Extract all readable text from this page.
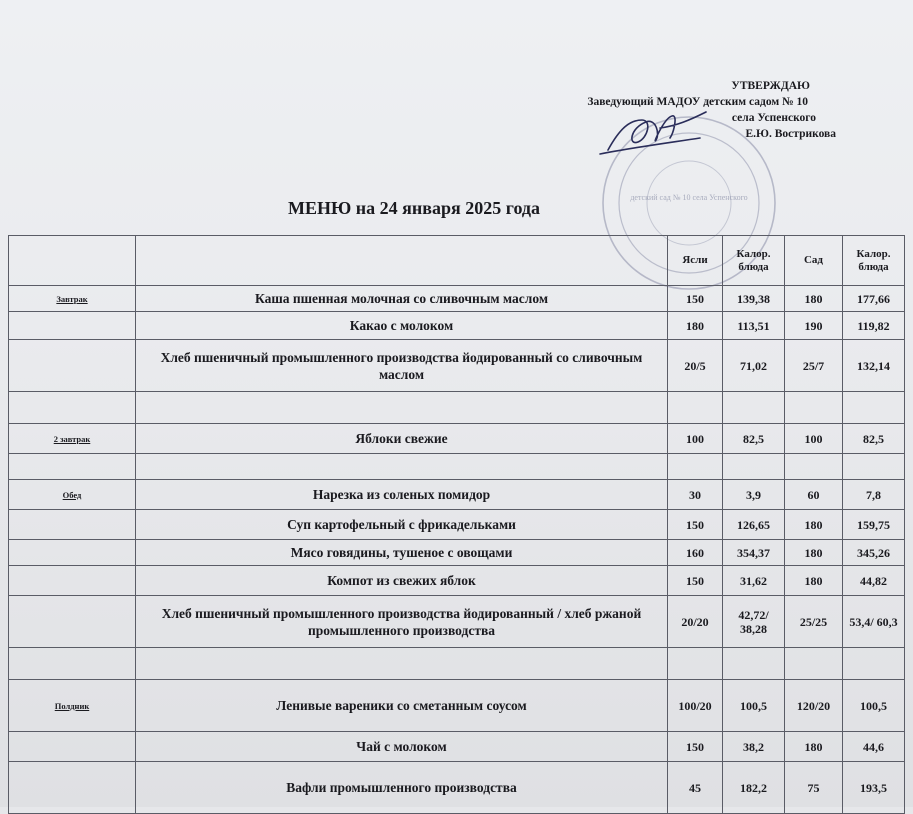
УТВЕРЖДАЮ
Заведующий МАДОУ детским садом № 10
села Успенского
Е.Ю. Вострикова
детский сад № 10 села Успенского
МЕНЮ на 24 января 2025 года
		Ясли	Калор. блюда	Сад	Калор. блюда
Завтрак	Каша пшенная молочная со сливочным маслом	150	139,38	180	177,66
	Какао с молоком	180	113,51	190	119,82
	Хлеб пшеничный промышленного производства йодированный со сливочным маслом	20/5	71,02	25/7	132,14

2 завтрак	Яблоки свежие	100	82,5	100	82,5

Обед	Нарезка из соленых помидор	30	3,9	60	7,8
	Суп картофельный с фрикадельками	150	126,65	180	159,75
	Мясо говядины, тушеное с овощами	160	354,37	180	345,26
	Компот из свежих яблок	150	31,62	180	44,82
	Хлеб пшеничный промышленного производства йодированный / хлеб ржаной промышленного производства	20/20	42,72/ 38,28	25/25	53,4/ 60,3

Полдник	Ленивые вареники со сметанным соусом	100/20	100,5	120/20	100,5
	Чай с молоком	150	38,2	180	44,6
	Вафли промышленного производства	45	182,2	75	193,5
